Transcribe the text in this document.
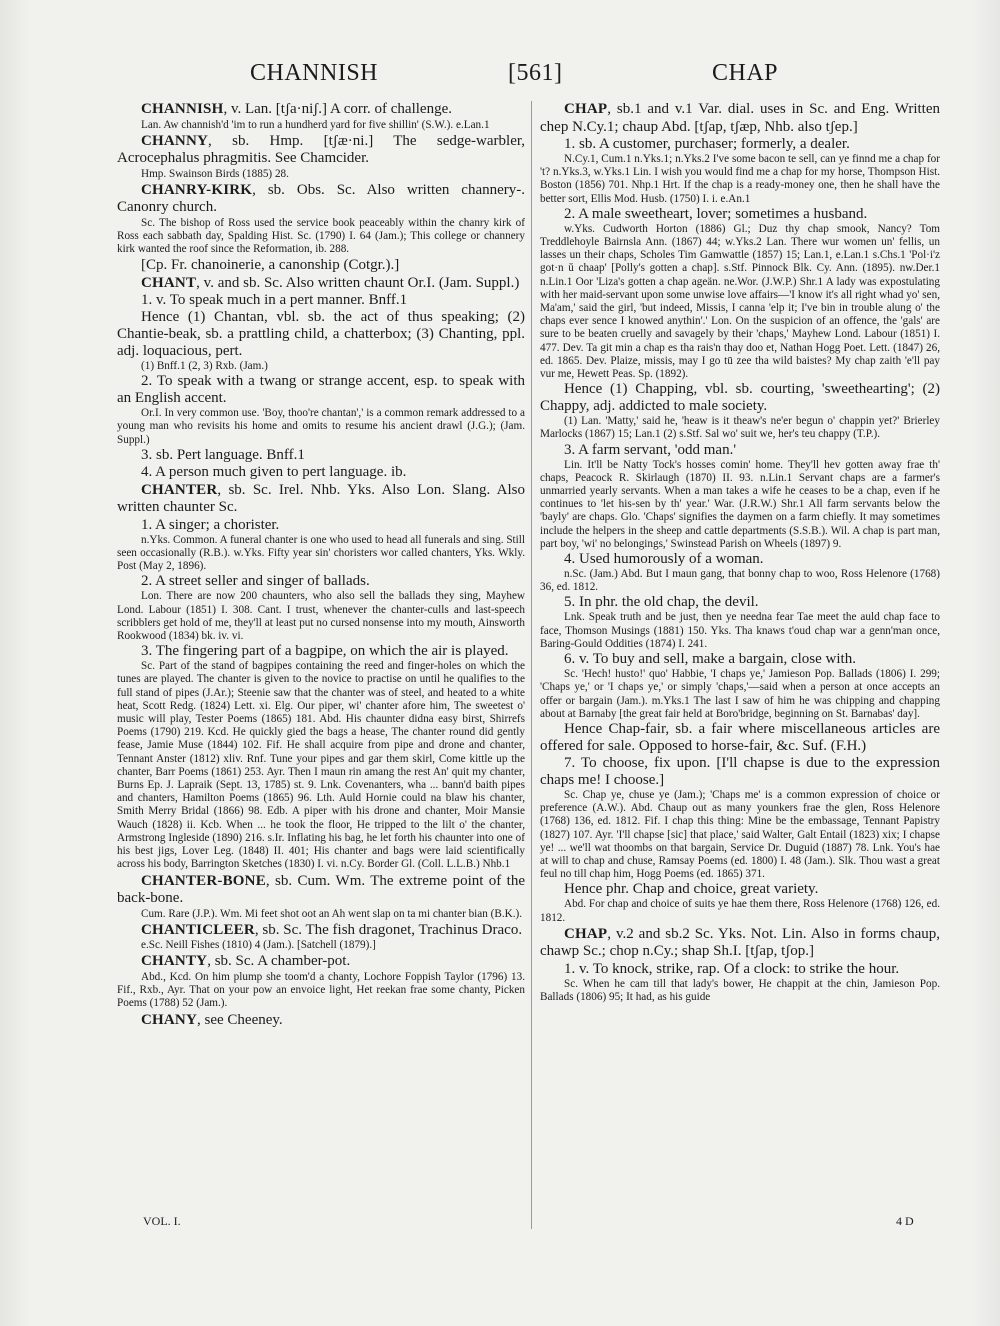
CHANNISH	[561]	CHAP

CHANNISH, v. Lan. [tʃa·niʃ.] A corr. of challenge.

Lan. Aw channish'd 'im to run a hundherd yard for five shillin' (S.W.). e.Lan.1

CHANNY, sb. Hmp. [tʃæ·ni.] The sedge-warbler, Acrocephalus phragmitis. See Chamcider.

Hmp. Swainson Birds (1885) 28.

CHANRY-KIRK, sb. Obs. Sc. Also written channery-. Canonry church.

Sc. The bishop of Ross used the service book peaceably within the chanry kirk of Ross each sabbath day, Spalding Hist. Sc. (1790) I. 64 (Jam.); This college or channery kirk wanted the roof since the Reformation, ib. 288.

[Cp. Fr. chanoinerie, a canonship (Cotgr.).]

CHANT, v. and sb. Sc. Also written chaunt Or.I. (Jam. Suppl.)

1. v. To speak much in a pert manner. Bnff.1

Hence (1) Chantan, vbl. sb. the act of thus speaking; (2) Chantie-beak, sb. a prattling child, a chatterbox; (3) Chanting, ppl. adj. loquacious, pert.

(1) Bnff.1 (2, 3) Rxb. (Jam.)

2. To speak with a twang or strange accent, esp. to speak with an English accent.

Or.I. In very common use. 'Boy, thoo're chantan',' is a common remark addressed to a young man who revisits his home and omits to resume his ancient drawl (J.G.); (Jam. Suppl.)

3. sb. Pert language. Bnff.1

4. A person much given to pert language. ib.

CHANTER, sb. Sc. Irel. Nhb. Yks. Also Lon. Slang. Also written chaunter Sc.

1. A singer; a chorister.

n.Yks. Common. A funeral chanter is one who used to head all funerals and sing. Still seen occasionally (R.B.). w.Yks. Fifty year sin' choristers wor called chanters, Yks. Wkly. Post (May 2, 1896).

2. A street seller and singer of ballads.

Lon. There are now 200 chaunters, who also sell the ballads they sing, Mayhew Lond. Labour (1851) I. 308. Cant. I trust, whenever the chanter-culls and last-speech scribblers get hold of me, they'll at least put no cursed nonsense into my mouth, Ainsworth Rookwood (1834) bk. iv. vi.

3. The fingering part of a bagpipe, on which the air is played.

Sc. Part of the stand of bagpipes containing the reed and finger-holes on which the tunes are played. The chanter is given to the novice to practise on until he qualifies to the full stand of pipes (J.Ar.); Steenie saw that the chanter was of steel, and heated to a white heat, Scott Redg. (1824) Lett. xi. Elg. Our piper, wi' chanter afore him, The sweetest o' music will play, Tester Poems (1865) 181. Abd. His chaunter didna easy birst, Shirrefs Poems (1790) 219. Kcd. He quickly gied the bags a hease, The chanter round did gently fease, Jamie Muse (1844) 102. Fif. He shall acquire from pipe and drone and chanter, Tennant Anster (1812) xliv. Rnf. Tune your pipes and gar them skirl, Come kittle up the chanter, Barr Poems (1861) 253. Ayr. Then I maun rin amang the rest An' quit my chanter, Burns Ep. J. Lapraik (Sept. 13, 1785) st. 9. Lnk. Covenanters, wha ... bann'd baith pipes and chanters, Hamilton Poems (1865) 96. Lth. Auld Hornie could na blaw his chanter, Smith Merry Bridal (1866) 98. Edb. A piper with his drone and chanter, Moir Mansie Wauch (1828) ii. Kcb. When ... he took the floor, He tripped to the lilt o' the chanter, Armstrong Ingleside (1890) 216. s.Ir. Inflating his bag, he let forth his chaunter into one of his best jigs, Lover Leg. (1848) II. 401; His chanter and bags were laid scientifically across his body, Barrington Sketches (1830) I. vi. n.Cy. Border Gl. (Coll. L.L.B.) Nhb.1

CHANTER-BONE, sb. Cum. Wm. The extreme point of the back-bone.

Cum. Rare (J.P.). Wm. Mi feet shot oot an Ah went slap on ta mi chanter bian (B.K.).

CHANTICLEER, sb. Sc. The fish dragonet, Trachinus Draco.

e.Sc. Neill Fishes (1810) 4 (Jam.). [Satchell (1879).]

CHANTY, sb. Sc. A chamber-pot.

Abd., Kcd. On him plump she toom'd a chanty, Lochore Foppish Taylor (1796) 13. Fif., Rxb., Ayr. That on your pow an envoice light, Het reekan frae some chanty, Picken Poems (1788) 52 (Jam.).

CHANY, see Cheeney.

CHAP, sb.1 and v.1 Var. dial. uses in Sc. and Eng. Written chep N.Cy.1; chaup Abd. [tʃap, tʃæp, Nhb. also tʃep.]

1. sb. A customer, purchaser; formerly, a dealer.

N.Cy.1, Cum.1 n.Yks.1; n.Yks.2 I've some bacon te sell, can ye finnd me a chap for 't? n.Yks.3, w.Yks.1 Lin. I wish you would find me a chap for my horse, Thompson Hist. Boston (1856) 701. Nhp.1 Hrt. If the chap is a ready-money one, then he shall have the better sort, Ellis Mod. Husb. (1750) I. i. e.An.1

2. A male sweetheart, lover; sometimes a husband.

w.Yks. Cudworth Horton (1886) Gl.; Duz thy chap smook, Nancy? Tom Treddlehoyle Bairnsla Ann. (1867) 44; w.Yks.2 Lan. There wur women un' fellis, un lasses un their chaps, Scholes Tim Gamwattle (1857) 15; Lan.1, e.Lan.1 s.Chs.1 'Pol·i'z got·n ŭ chaap' [Polly's gotten a chap]. s.Stf. Pinnock Blk. Cy. Ann. (1895). nw.Der.1 n.Lin.1 Oor 'Liza's gotten a chap ageän. ne.Wor. (J.W.P.) Shr.1 A lady was expostulating with her maid-servant upon some unwise love affairs—'I know it's all right whad yo' sen, Ma'am,' said the girl, 'but indeed, Missis, I canna 'elp it; I've bin in trouble alung o' the chaps ever sence I knowed anythin'.' Lon. On the suspicion of an offence, the 'gals' are sure to be beaten cruelly and savagely by their 'chaps,' Mayhew Lond. Labour (1851) I. 477. Dev. Ta git min a chap es tha rais'n thay doo et, Nathan Hogg Poet. Lett. (1847) 26, ed. 1865. Dev. Plaize, missis, may I go tū zee tha wild baistes? My chap zaith 'e'll pay vur me, Hewett Peas. Sp. (1892).

Hence (1) Chapping, vbl. sb. courting, 'sweethearting'; (2) Chappy, adj. addicted to male society.

(1) Lan. 'Matty,' said he, 'heaw is it theaw's ne'er begun o' chappin yet?' Brierley Marlocks (1867) 15; Lan.1 (2) s.Stf. Sal wo' suit we, her's teu chappy (T.P.).

3. A farm servant, 'odd man.'

Lin. It'll be Natty Tock's hosses comin' home. They'll hev gotten away frae th' chaps, Peacock R. Skirlaugh (1870) II. 93. n.Lin.1 Servant chaps are a farmer's unmarried yearly servants. When a man takes a wife he ceases to be a chap, even if he continues to 'let his-sen by th' year.' War. (J.R.W.) Shr.1 All farm servants below the 'bayly' are chaps. Glo. 'Chaps' signifies the daymen on a farm chiefly. It may sometimes include the helpers in the sheep and cattle departments (S.S.B.). Wil. A chap is part man, part boy, 'wi' no belongings,' Swinstead Parish on Wheels (1897) 9.

4. Used humorously of a woman.

n.Sc. (Jam.) Abd. But I maun gang, that bonny chap to woo, Ross Helenore (1768) 36, ed. 1812.

5. In phr. the old chap, the devil.

Lnk. Speak truth and be just, then ye needna fear Tae meet the auld chap face to face, Thomson Musings (1881) 150. Yks. Tha knaws t'oud chap war a genn'man once, Baring-Gould Oddities (1874) I. 241.

6. v. To buy and sell, make a bargain, close with.

Sc. 'Hech! husto!' quo' Habbie, 'I chaps ye,' Jamieson Pop. Ballads (1806) I. 299; 'Chaps ye,' or 'I chaps ye,' or simply 'chaps,'—said when a person at once accepts an offer or bargain (Jam.). m.Yks.1 The last I saw of him he was chipping and chapping about at Barnaby [the great fair held at Boro'bridge, beginning on St. Barnabas' day].

Hence Chap-fair, sb. a fair where miscellaneous articles are offered for sale. Opposed to horse-fair, &c. Suf. (F.H.)

7. To choose, fix upon. [I'll chapse is due to the expression chaps me! I choose.]

Sc. Chap ye, chuse ye (Jam.); 'Chaps me' is a common expression of choice or preference (A.W.). Abd. Chaup out as many younkers frae the glen, Ross Helenore (1768) 136, ed. 1812. Fif. I chap this thing: Mine be the embassage, Tennant Papistry (1827) 107. Ayr. 'I'll chapse [sic] that place,' said Walter, Galt Entail (1823) xix; I chapse ye! ... we'll wat thoombs on that bargain, Service Dr. Duguid (1887) 78. Lnk. You's hae at will to chap and chuse, Ramsay Poems (ed. 1800) I. 48 (Jam.). Slk. Thou wast a great feul no till chap him, Hogg Poems (ed. 1865) 371.

Hence phr. Chap and choice, great variety.

Abd. For chap and choice of suits ye hae them there, Ross Helenore (1768) 126, ed. 1812.

CHAP, v.2 and sb.2 Sc. Yks. Not. Lin. Also in forms chaup, chawp Sc.; chop n.Cy.; shap Sh.I. [tʃap, tʃop.]

1. v. To knock, strike, rap. Of a clock: to strike the hour.

Sc. When he cam till that lady's bower, He chappit at the chin, Jamieson Pop. Ballads (1806) 95; It had, as his guide

VOL. I.	4 D
